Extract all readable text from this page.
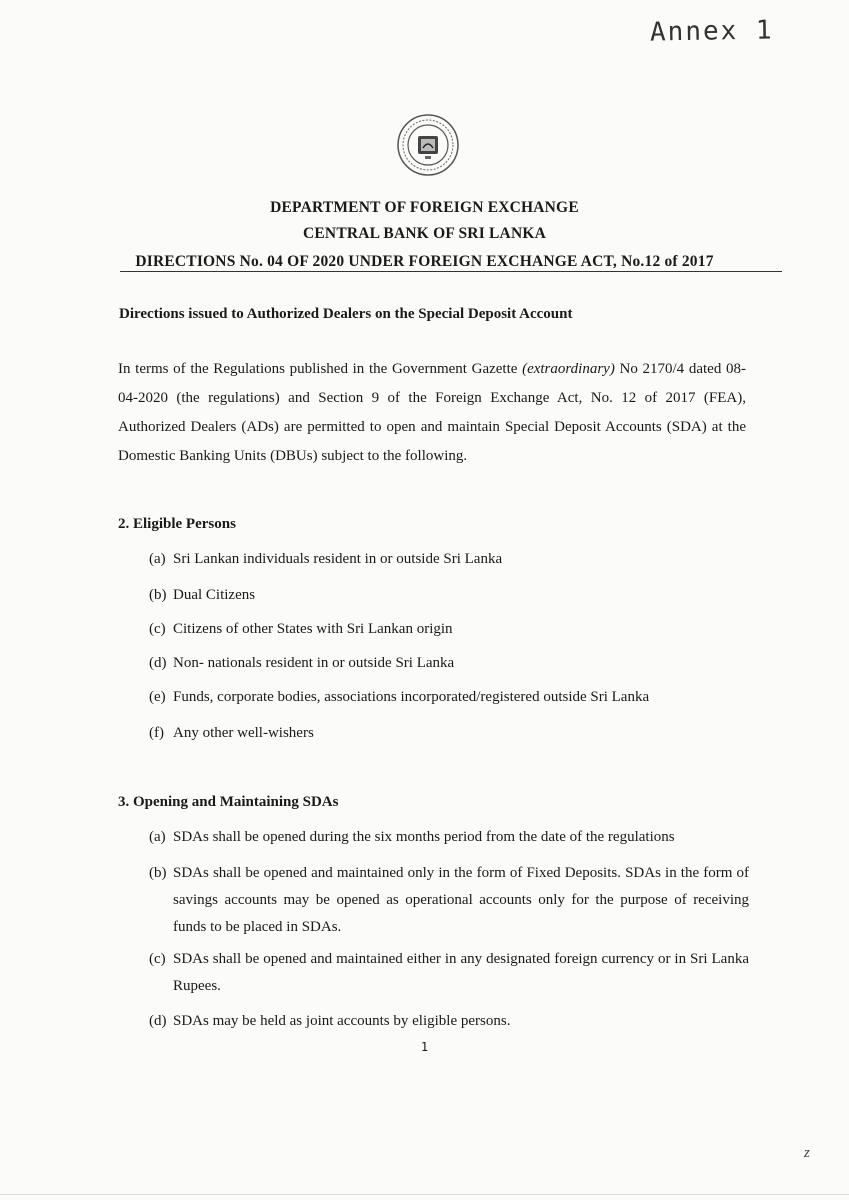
Annex 1
DEPARTMENT OF FOREIGN EXCHANGE
CENTRAL BANK OF SRI LANKA
DIRECTIONS No. 04 OF 2020 UNDER FOREIGN EXCHANGE ACT, No.12 of 2017
Directions issued to Authorized Dealers on the Special Deposit Account
In terms of the Regulations published in the Government Gazette (extraordinary) No 2170/4 dated 08-04-2020 (the regulations) and Section 9 of the Foreign Exchange Act, No. 12 of 2017 (FEA), Authorized Dealers (ADs) are permitted to open and maintain Special Deposit Accounts (SDA) at the Domestic Banking Units (DBUs) subject to the following.
2. Eligible Persons
(a) Sri Lankan individuals resident in or outside Sri Lanka
(b) Dual Citizens
(c) Citizens of other States with Sri Lankan origin
(d) Non- nationals resident in or outside Sri Lanka
(e) Funds, corporate bodies, associations incorporated/registered outside Sri Lanka
(f) Any other well-wishers
3. Opening and Maintaining SDAs
(a) SDAs shall be opened during the six months period from the date of the regulations
(b) SDAs shall be opened and maintained only in the form of Fixed Deposits. SDAs in the form of savings accounts may be opened as operational accounts only for the purpose of receiving funds to be placed in SDAs.
(c) SDAs shall be opened and maintained either in any designated foreign currency or in Sri Lanka Rupees.
(d) SDAs may be held as joint accounts by eligible persons.
1
z
